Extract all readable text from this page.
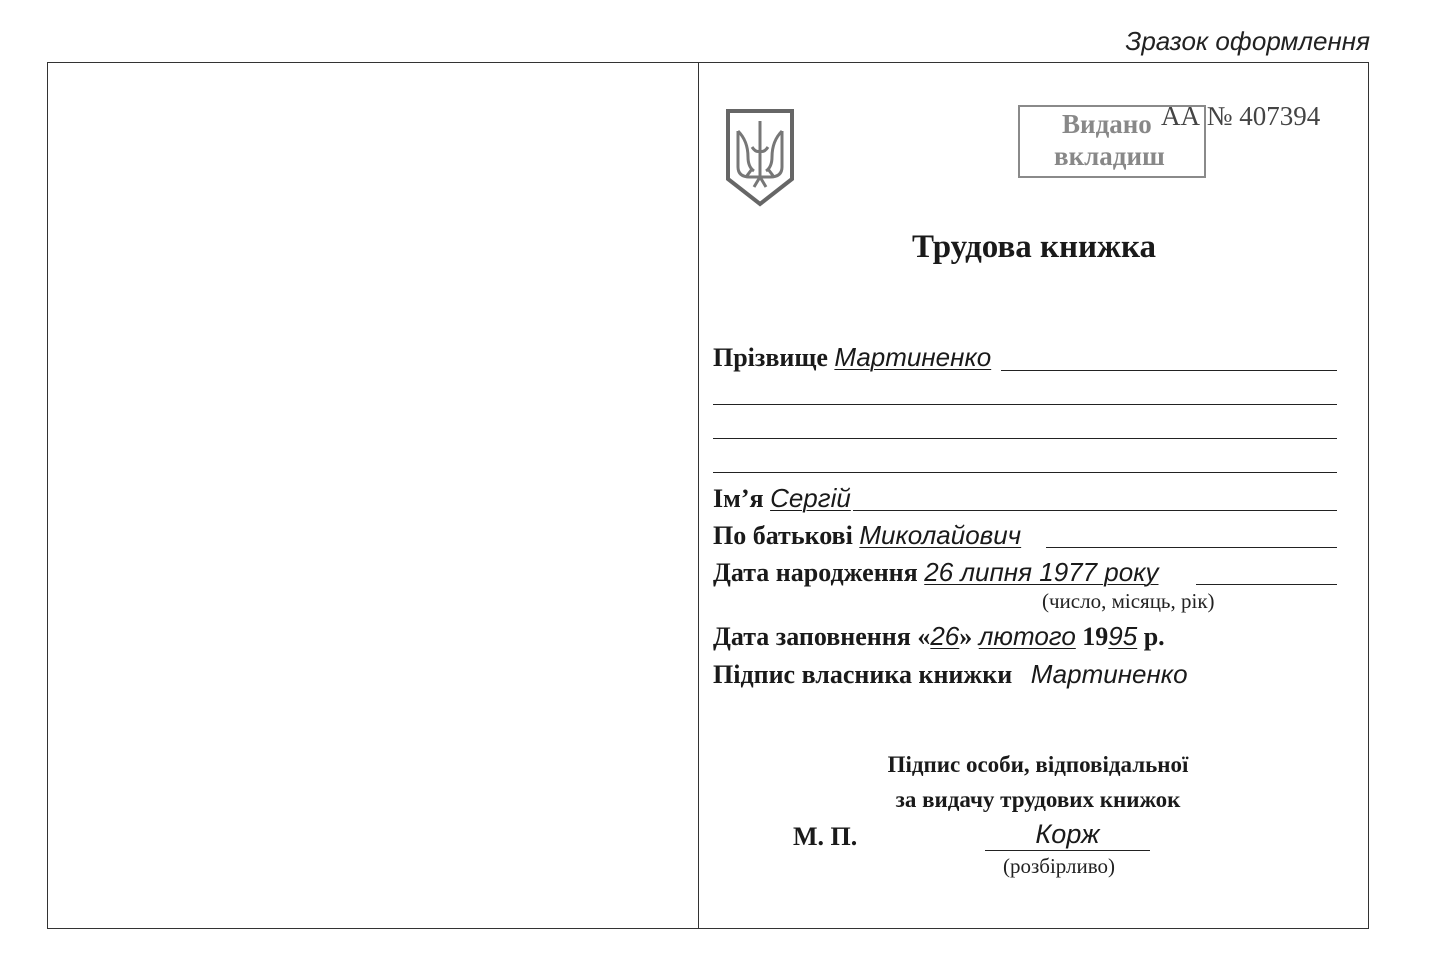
Зразок оформлення
Видано
вкладиш
АА № 407394
Трудова книжка
Прізвище Мартиненко
Ім’я Сергій
По батькові Миколайович
Дата народження 26 липня 1977 року
(число, місяць, рік)
Дата заповнення «26» лютого 1995 р.
Підпис власника книжки Мартиненко
Підпис особи, відповідальної
за видачу трудових книжок
М. П.	Корж
(розбірливо)
